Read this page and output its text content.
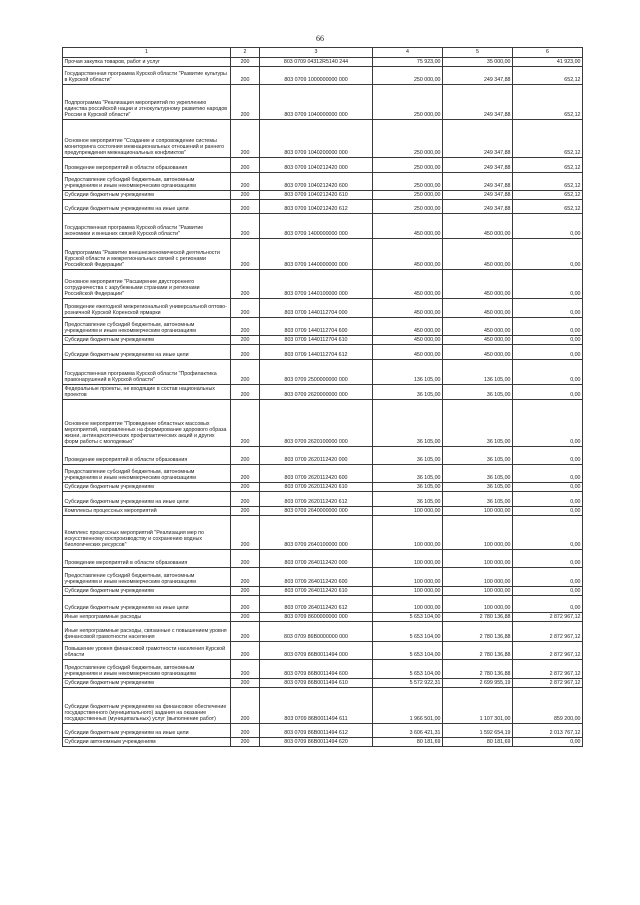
66
1	2	3	4	5	6
Прочая закупка товаров, работ и услуг	200	803 0709 04312R5140 244	75 923,00	35 000,00	41 923,00
Государственная программа Курской области "Развитие культуры в Курской области"	200	803 0709 1000000000 000	250 000,00	249 347,88	652,12
Подпрограмма "Реализация мероприятий по укреплению единства российской нации и этнокультурному развитию народов России в Курской области"	200	803 0709 1040000000 000	250 000,00	249 347,88	652,12
Основное мероприятие "Создание и сопровождение системы мониторинга состояния межнациональных отношений и раннего предупреждения межнациональных конфликтов"	200	803 0709 1040200000 000	250 000,00	249 347,88	652,12
Проведение мероприятий в области образования	200	803 0709 1040212420 000	250 000,00	249 347,88	652,12
Предоставление субсидий бюджетным, автономным учреждениям и иным некоммерческим организациям	200	803 0709 1040212420 600	250 000,00	249 347,88	652,12
Субсидии бюджетным учреждениям	200	803 0709 1040212420 610	250 000,00	249 347,88	652,12
Субсидии бюджетным учреждениям на иные цели	200	803 0709 1040212420 612	250 000,00	249 347,88	652,12
Государственная программа Курской области "Развитие экономики и внешних связей Курской области"	200	803 0709 1400000000 000	450 000,00	450 000,00	0,00
Подпрограмма "Развитие внешнеэкономической деятельности Курской области и межрегиональных связей с регионами Российской Федерации"	200	803 0709 1440000000 000	450 000,00	450 000,00	0,00
Основное мероприятие "Расширение двустороннего сотрудничества с зарубежными странами и регионами Российской Федерации"	200	803 0709 1440100000 000	450 000,00	450 000,00	0,00
Проведение ежегодной межрегиональной универсальной оптово-розничной Курской Коренской ярмарки	200	803 0709 1440112704 000	450 000,00	450 000,00	0,00
Предоставление субсидий бюджетным, автономным учреждениям и иным некоммерческим организациям	200	803 0709 1440112704 600	450 000,00	450 000,00	0,00
Субсидии бюджетным учреждениям	200	803 0709 1440112704 610	450 000,00	450 000,00	0,00
Субсидии бюджетным учреждениям на иные цели	200	803 0709 1440112704 612	450 000,00	450 000,00	0,00
Государственная программа Курской области "Профилактика правонарушений в Курской области"	200	803 0709 2500000000 000	136 105,00	136 105,00	0,00
Федеральные проекты, не входящие в состав национальных проектов	200	803 0709 2620000000 000	36 105,00	36 105,00	0,00
Основное мероприятие "Проведение областных массовых мероприятий, направленных на формирование здорового образа жизни, антинаркотических профилактических акций и других форм работы с молодежью"	200	803 0709 2620100000 000	36 105,00	36 105,00	0,00
Проведение мероприятий в области образования	200	803 0709 2620112420 000	36 105,00	36 105,00	0,00
Предоставление субсидий бюджетным, автономным учреждениям и иным некоммерческим организациям	200	803 0709 2620112420 600	36 105,00	36 105,00	0,00
Субсидии бюджетным учреждениям	200	803 0709 2620112420 610	36 105,00	36 105,00	0,00
Субсидии бюджетным учреждениям на иные цели	200	803 0709 2620112420 612	36 105,00	36 105,00	0,00
Комплексы процессных мероприятий	200	803 0709 2640000000 000	100 000,00	100 000,00	0,00
Комплекс процессных мероприятий "Реализация мер по искусственному воспроизводству и сохранению водных биологических ресурсов"	200	803 0709 2640100000 000	100 000,00	100 000,00	0,00
Проведение мероприятий в области образования	200	803 0709 2640112420 000	100 000,00	100 000,00	0,00
Предоставление субсидий бюджетным, автономным учреждениям и иным некоммерческим организациям	200	803 0709 2640112420 600	100 000,00	100 000,00	0,00
Субсидии бюджетным учреждениям	200	803 0709 2640112420 610	100 000,00	100 000,00	0,00
Субсидии бюджетным учреждениям на иные цели	200	803 0709 2640112420 612	100 000,00	100 000,00	0,00
Иные непрограммные расходы	200	803 0709 8600000000 000	5 653 104,00	2 780 136,88	2 872 967,12
Иные непрограммные расходы, связанные с повышением уровня финансовой грамотности населения	200	803 0709 86B0000000 000	5 653 104,00	2 780 136,88	2 872 967,12
Повышение уровня финансовой грамотности населения Курской области	200	803 0709 86B0011494 000	5 653 104,00	2 780 136,88	2 872 967,12
Предоставление субсидий бюджетным, автономным учреждениям и иным некоммерческим организациям	200	803 0709 86B0011494 600	5 653 104,00	2 780 136,88	2 872 967,12
Субсидии бюджетным учреждениям	200	803 0709 86B0011494 610	5 572 922,31	2 699 955,19	2 872 967,12
Субсидии бюджетным учреждениям на финансовое обеспечение государственного (муниципального) задания на оказание государственных (муниципальных) услуг (выполнение работ)	200	803 0709 86B0011494 611	1 966 501,00	1 107 301,00	859 200,00
Субсидии бюджетным учреждениям на иные цели	200	803 0709 86B0011494 612	3 606 421,31	1 592 654,19	2 013 767,12
Субсидии автономным учреждениям	200	803 0709 86B0011494 620	80 181,69	80 181,69	0,00
